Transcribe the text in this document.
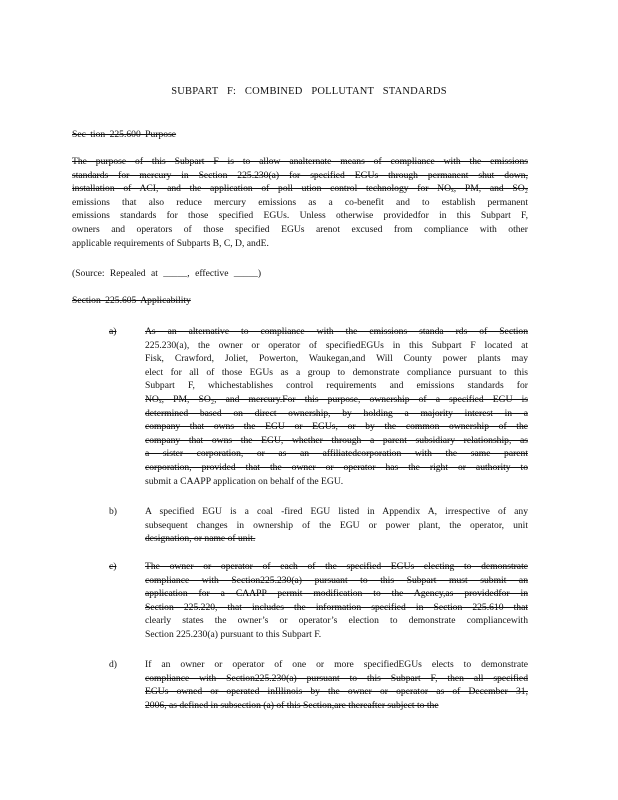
SUBPART F: COMBINED POLLUTANT STANDARDS
Sec tion 225.600 Purpose
The purpose of this Subpart F is to allow analternate means of compliance with the emissions
standards for mercury in Section 225.230(a) for specified EGUs through permanent shut down,
installation of ACI, and the application of poll ution control technology for NOₓ, PM, and SO₂
emissions that also reduce mercury emissions as a co-benefit and to establish permanent
emissions standards for those specified EGUs. Unless otherwise providedfor in this Subpart F,
owners and operators of those specified EGUs arenot excused from compliance with other
applicable requirements of Subparts B, C, D, andE.
(Source: Repealed at _____, effective _____)
Section 225.605 Applicability
a)	As an alternative to compliance with the emissions standa rds of Section
225.230(a), the owner or operator of specifiedEGUs in this Subpart F located at
Fisk, Crawford, Joliet, Powerton, Waukegan,and Will County power plants may
elect for all of those EGUs as a group to demonstrate compliance pursuant to this
Subpart F, whichestablishes control requirements and emissions standards for
NOₓ, PM, SO₂, and mercury.For this purpose, ownership of a specified EGU is
determined based on direct ownership, by holding a majority interest in a
company that owns the EGU or EGUs, or by the common ownership of the
company that owns the EGU, whether through a parent subsidiary relationship, as
a sister corporation, or as an affiliatedcorporation with the same parent
corporation, provided that the owner or operator has the right or authority to
submit a CAAPP application on behalf of the EGU.
b)	A specified EGU is a coal -fired EGU listed in Appendix A, irrespective of any
subsequent changes in ownership of the EGU or power plant, the operator, unit
designation, or name of unit.
c)	The owner or operator of each of the specified EGUs electing to demonstrate
compliance with Section225.230(a) pursuant to this Subpart must submit an
application for a CAAPP permit modification to the Agency,as providedfor in
Section 225.220, that includes the information specified in Section 225.610 that
clearly states the owner’s or operator’s election to demonstrate compliancewith
Section 225.230(a) pursuant to this Subpart F.
d)	If an owner or operator of one or more specifiedEGUs elects to demonstrate
compliance with Section225.230(a) pursuant to this Subpart F, then all specified
EGUs owned or operated inIllinois by the owner or operator as of December 31,
2006, as defined in subsection (a) of this Section,are thereafter subject to the
